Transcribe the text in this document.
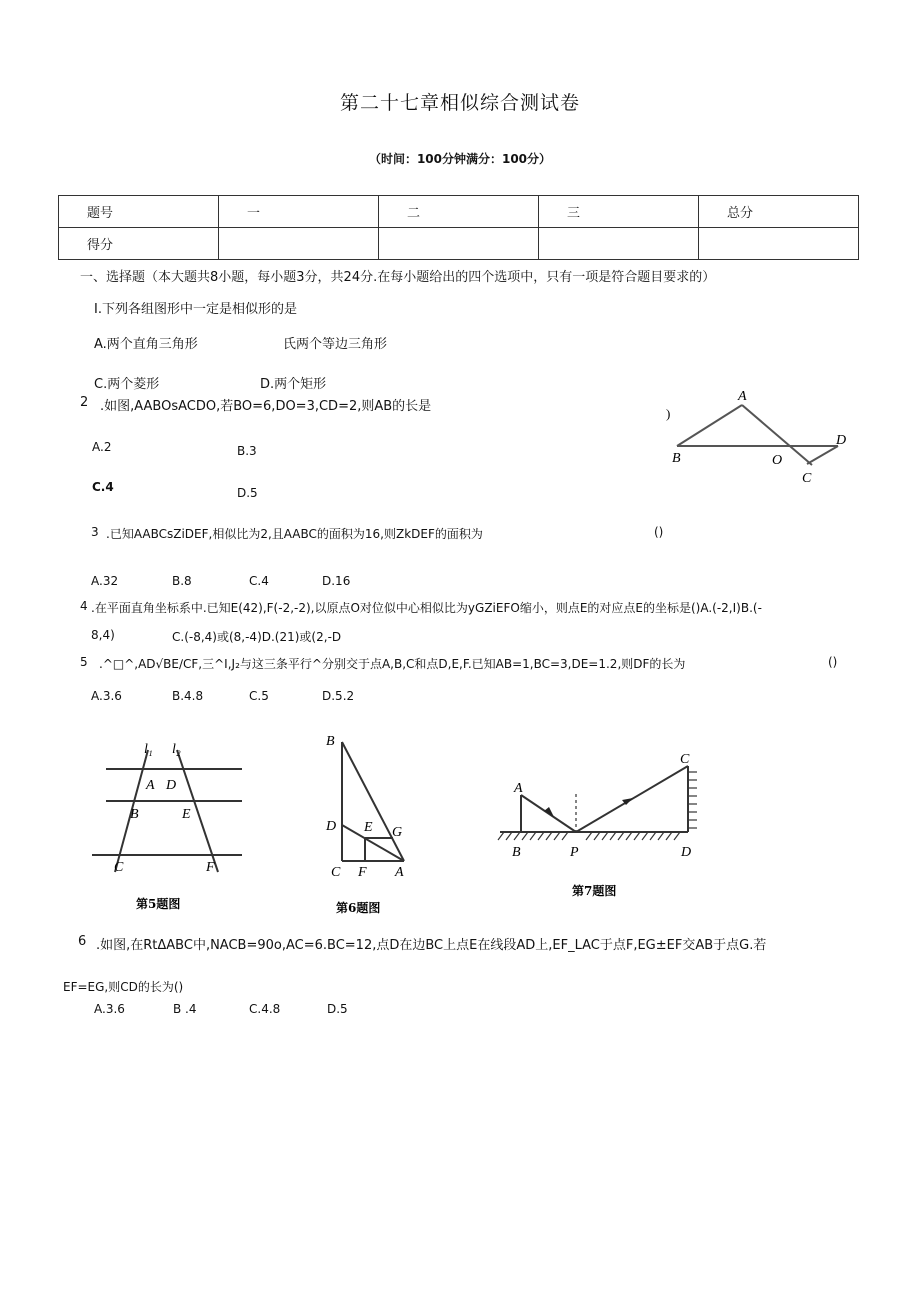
第二十七章相似综合测试卷
（时间：100分钟满分：100分）
题号	一	二	三	总分
得分				
一、选择题（本大题共8小题，每小题3分，共24分.在每小题给出的四个选项中，只有一项是符合题目要求的）
I.下列各组图形中一定是相似形的是
A.两个直角三角形	氏两个等边三角形
C.两个菱形	D.两个矩形
2 .如图,AABOsACDO,若BO=6,DO=3,CD=2,则AB的长是
A.2	B.3
C.4	D.5
)
A
B	O
D
C
3 .已知AABCsZiDEF,相似比为2,且AABC的面积为16,则ZkDEF的面积为	()
A.32	B.8	C.4	D.16
4 .在平面直角坐标系中.已知E(42),F(-2,-2),以原点O对位似中心相似比为yGZiEFO缩小，则点E的对应点E的坐标是()A.(-2,I)B.(-
8,4)	C.(-8,4)或(8,-4)D.(21)或(2,-D
5 .^□^,AD√BE∕CF,三^I,J₂与这三条平行^分别交于点A,B,C和点D,E,F.已知AB=1,BC=3,DE=1.2,则DF的长为	()
A.3.6	B.4.8	C.5	D.5.2
l₁ l₂
A D
B	E
C	F
第5题图
B
D E G
C F A
第6题图
A
B	P
C
D
第7题图
6 .如图,在RtΔABC中,NACB=90o,AC=6.BC=12,点D在边BC上点E在线段AD上,EF_LAC于点F,EG±EF交AB于点G.若
EF=EG,则CD的长为()
A.3.6	B .4	C.4.8	D.5
